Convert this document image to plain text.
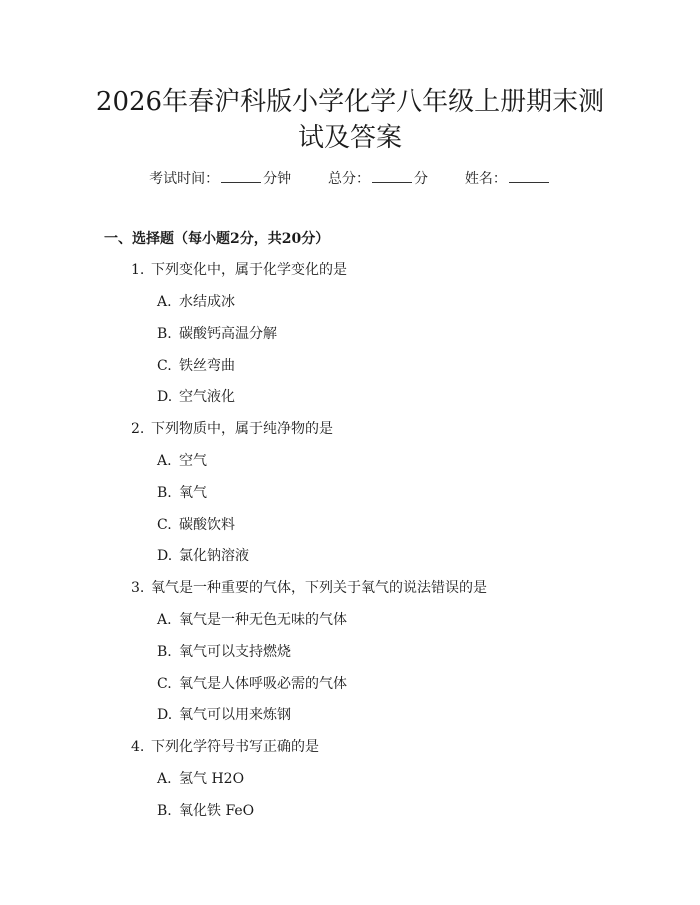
2026年春沪科版小学化学八年级上册期末测
试及答案
考试时间：	分钟	总分：	分	姓名：
一、选择题（每小题2分，共20分）
1. 下列变化中，属于化学变化的是
A. 水结成冰
B. 碳酸钙高温分解
C. 铁丝弯曲
D. 空气液化
2. 下列物质中，属于纯净物的是
A. 空气
B. 氧气
C. 碳酸饮料
D. 氯化钠溶液
3. 氧气是一种重要的气体，下列关于氧气的说法错误的是
A. 氧气是一种无色无味的气体
B. 氧气可以支持燃烧
C. 氧气是人体呼吸必需的气体
D. 氧气可以用来炼钢
4. 下列化学符号书写正确的是
A. 氢气 H2O
B. 氧化铁 FeO
